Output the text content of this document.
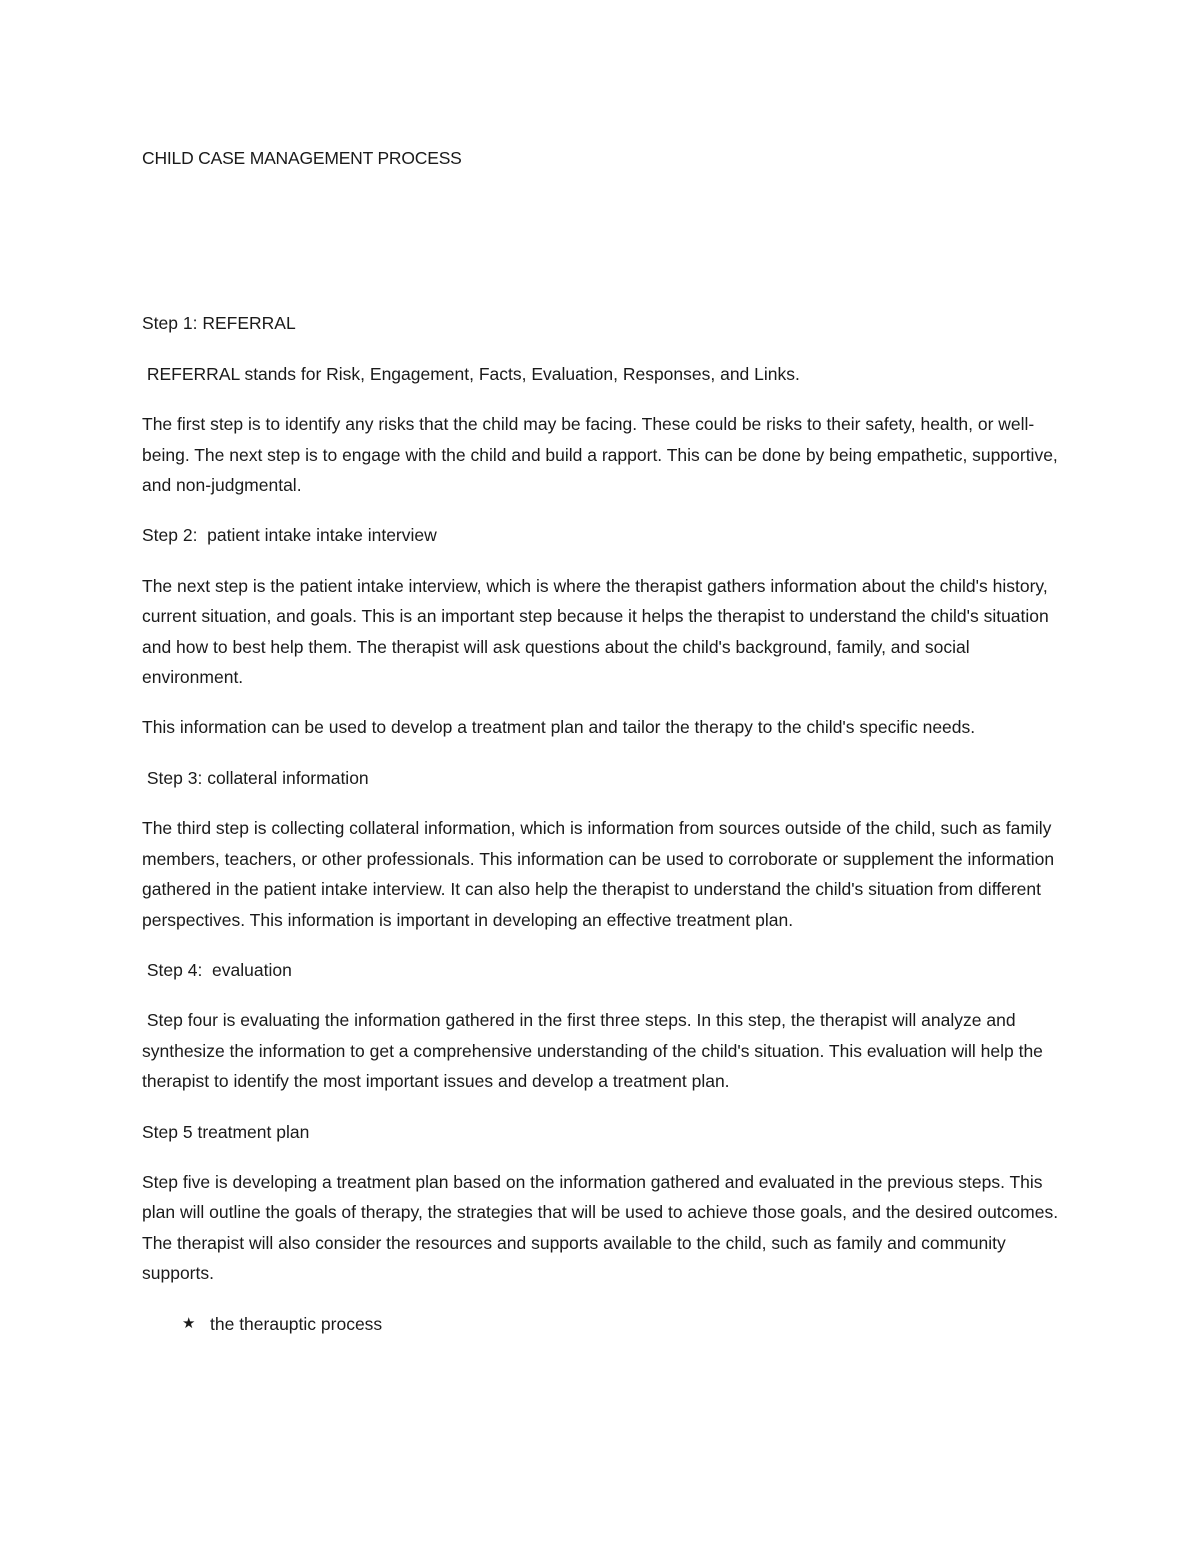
CHILD CASE MANAGEMENT PROCESS

Step 1: REFERRAL

REFERRAL stands for Risk, Engagement, Facts, Evaluation, Responses, and Links.

The first step is to identify any risks that the child may be facing. These could be risks to their safety, health, or well-being. The next step is to engage with the child and build a rapport. This can be done by being empathetic, supportive, and non-judgmental.

Step 2:  patient intake intake interview

The next step is the patient intake interview, which is where the therapist gathers information about the child's history, current situation, and goals. This is an important step because it helps the therapist to understand the child's situation and how to best help them. The therapist will ask questions about the child's background, family, and social environment.

This information can be used to develop a treatment plan and tailor the therapy to the child's specific needs.

Step 3: collateral information

The third step is collecting collateral information, which is information from sources outside of the child, such as family members, teachers, or other professionals. This information can be used to corroborate or supplement the information gathered in the patient intake interview. It can also help the therapist to understand the child's situation from different perspectives. This information is important in developing an effective treatment plan.

Step 4:  evaluation

Step four is evaluating the information gathered in the first three steps. In this step, the therapist will analyze and synthesize the information to get a comprehensive understanding of the child's situation. This evaluation will help the therapist to identify the most important issues and develop a treatment plan.

Step 5 treatment plan

Step five is developing a treatment plan based on the information gathered and evaluated in the previous steps. This plan will outline the goals of therapy, the strategies that will be used to achieve those goals, and the desired outcomes. The therapist will also consider the resources and supports available to the child, such as family and community supports.

★ the therauptic process
